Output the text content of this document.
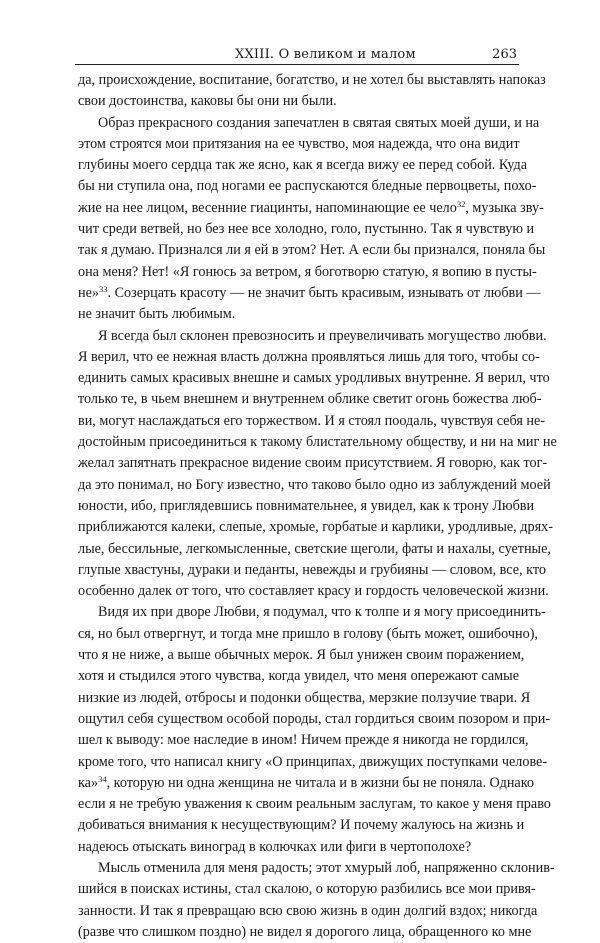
XXIII. О великом и малом	263
да, происхождение, воспитание, богатство, и не хотел бы выставлять напоказ
свои достоинства, каковы бы они ни были.
Образ прекрасного создания запечатлен в святая святых моей души, и на
этом строятся мои притязания на ее чувство, моя надежда, что она видит
глубины моего сердца так же ясно, как я всегда вижу ее перед собой. Куда
бы ни ступила она, под ногами ее распускаются бледные первоцветы, похо-
жие на нее лицом, весенние гиацинты, напоминающие ее чело$^{32}$, музыка зву-
чит среди ветвей, но без нее все холодно, голо, пустынно. Так я чувствую и
так я думаю. Признался ли я ей в этом? Нет. А если бы признался, поняла бы
она меня? Нет! «Я гонюсь за ветром, я боготворю статую, я вопию в пусты-
не»$^{33}$. Созерцать красоту — не значит быть красивым, изнывать от любви —
не значит быть любимым.
Я всегда был склонен превозносить и преувеличивать могущество любви.
Я верил, что ее нежная власть должна проявляться лишь для того, чтобы со-
единить самых красивых внешне и самых уродливых внутренне. Я верил, что
только те, в чьем внешнем и внутреннем облике светит огонь божества люб-
ви, могут наслаждаться его торжеством. И я стоял поодаль, чувствуя себя не-
достойным присоединиться к такому блистательному обществу, и ни на миг не
желал запятнать прекрасное видение своим присутствием. Я говорю, как тог-
да это понимал, но Богу известно, что таково было одно из заблуждений моей
юности, ибо, приглядевшись повнимательнее, я увидел, как к трону Любви
приближаются калеки, слепые, хромые, горбатые и карлики, уродливые, дрях-
лые, бессильные, легкомысленные, светские щеголи, фаты и нахалы, суетные,
глупые хвастуны, дураки и педанты, невежды и грубияны — словом, все, кто
особенно далек от того, что составляет красу и гордость человеческой жизни.
Видя их при дворе Любви, я подумал, что к толпе и я могу присоединить-
ся, но был отвергнут, и тогда мне пришло в голову (быть может, ошибочно),
что я не ниже, а выше обычных мерок. Я был унижен своим поражением,
хотя и стыдился этого чувства, когда увидел, что меня опережают самые
низкие из людей, отбросы и подонки общества, мерзкие ползучие твари. Я
ощутил себя существом особой породы, стал гордиться своим позором и при-
шел к выводу: мое наследие в ином! Ничем прежде я никогда не гордился,
кроме того, что написал книгу «О принципах, движущих поступками челове-
ка»$^{34}$, которую ни одна женщина не читала и в жизни бы не поняла. Однако
если я не требую уважения к своим реальным заслугам, то какое у меня право
добиваться внимания к несуществующим? И почему жалуюсь на жизнь и
надеюсь отыскать виноград в колючках или фиги в чертополохе?
Мысль отменила для меня радость; этот хмурый лоб, напряженно склонив-
шийся в поисках истины, стал скалою, о которую разбились все мои привя-
занности. И так я превращаю всю свою жизнь в один долгий вздох; никогда
(разве что слишком поздно) не видел я дорогого лица, обращенного ко мне
